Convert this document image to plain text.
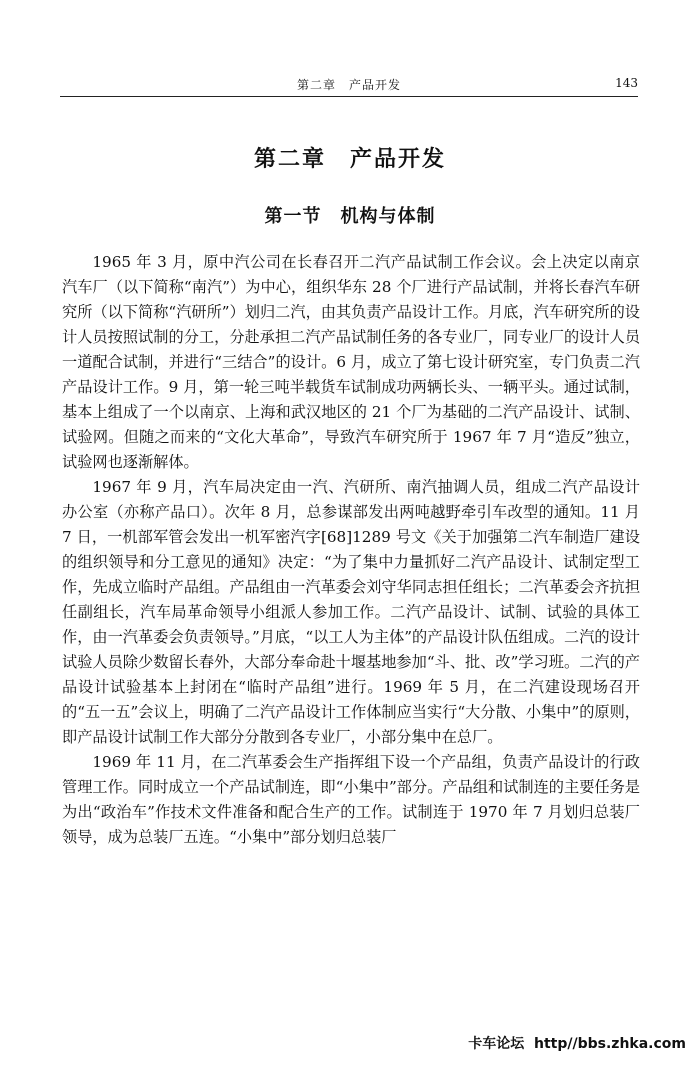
第二章　产品开发	143
第二章　产品开发
第一节　机构与体制

1965 年 3 月，原中汽公司在长春召开二汽产品试制工作会议。会上决定以南京汽车厂（以下简称“南汽”）为中心，组织华东 28 个厂进行产品试制，并将长春汽车研究所（以下简称“汽研所”）划归二汽，由其负责产品设计工作。月底，汽车研究所的设计人员按照试制的分工，分赴承担二汽产品试制任务的各专业厂，同专业厂的设计人员一道配合试制，并进行“三结合”的设计。6 月，成立了第七设计研究室，专门负责二汽产品设计工作。9 月，第一轮三吨半载货车试制成功两辆长头、一辆平头。通过试制，基本上组成了一个以南京、上海和武汉地区的 21 个厂为基础的二汽产品设计、试制、试验网。但随之而来的“文化大革命”，导致汽车研究所于 1967 年 7 月“造反”独立，试验网也逐渐解体。

1967 年 9 月，汽车局决定由一汽、汽研所、南汽抽调人员，组成二汽产品设计办公室（亦称产品口）。次年 8 月，总参谋部发出两吨越野牵引车改型的通知。11 月 7 日，一机部军管会发出一机军密汽字[68]1289 号文《关于加强第二汽车制造厂建设的组织领导和分工意见的通知》决定：“为了集中力量抓好二汽产品设计、试制定型工作，先成立临时产品组。产品组由一汽革委会刘守华同志担任组长；二汽革委会齐抗担任副组长，汽车局革命领导小组派人参加工作。二汽产品设计、试制、试验的具体工作，由一汽革委会负责领导。”月底，“以工人为主体”的产品设计队伍组成。二汽的设计试验人员除少数留长春外，大部分奉命赴十堰基地参加“斗、批、改”学习班。二汽的产品设计试验基本上封闭在“临时产品组”进行。1969 年 5 月，在二汽建设现场召开的“五一五”会议上，明确了二汽产品设计工作体制应当实行“大分散、小集中”的原则，即产品设计试制工作大部分分散到各专业厂，小部分集中在总厂。

1969 年 11 月，在二汽革委会生产指挥组下设一个产品组，负责产品设计的行政管理工作。同时成立一个产品试制连，即“小集中”部分。产品组和试制连的主要任务是为出“政治车”作技术文件准备和配合生产的工作。试制连于 1970 年 7 月划归总装厂领导，成为总装厂五连。“小集中”部分划归总装厂

卡车论坛  http//bbs.zhka.com
